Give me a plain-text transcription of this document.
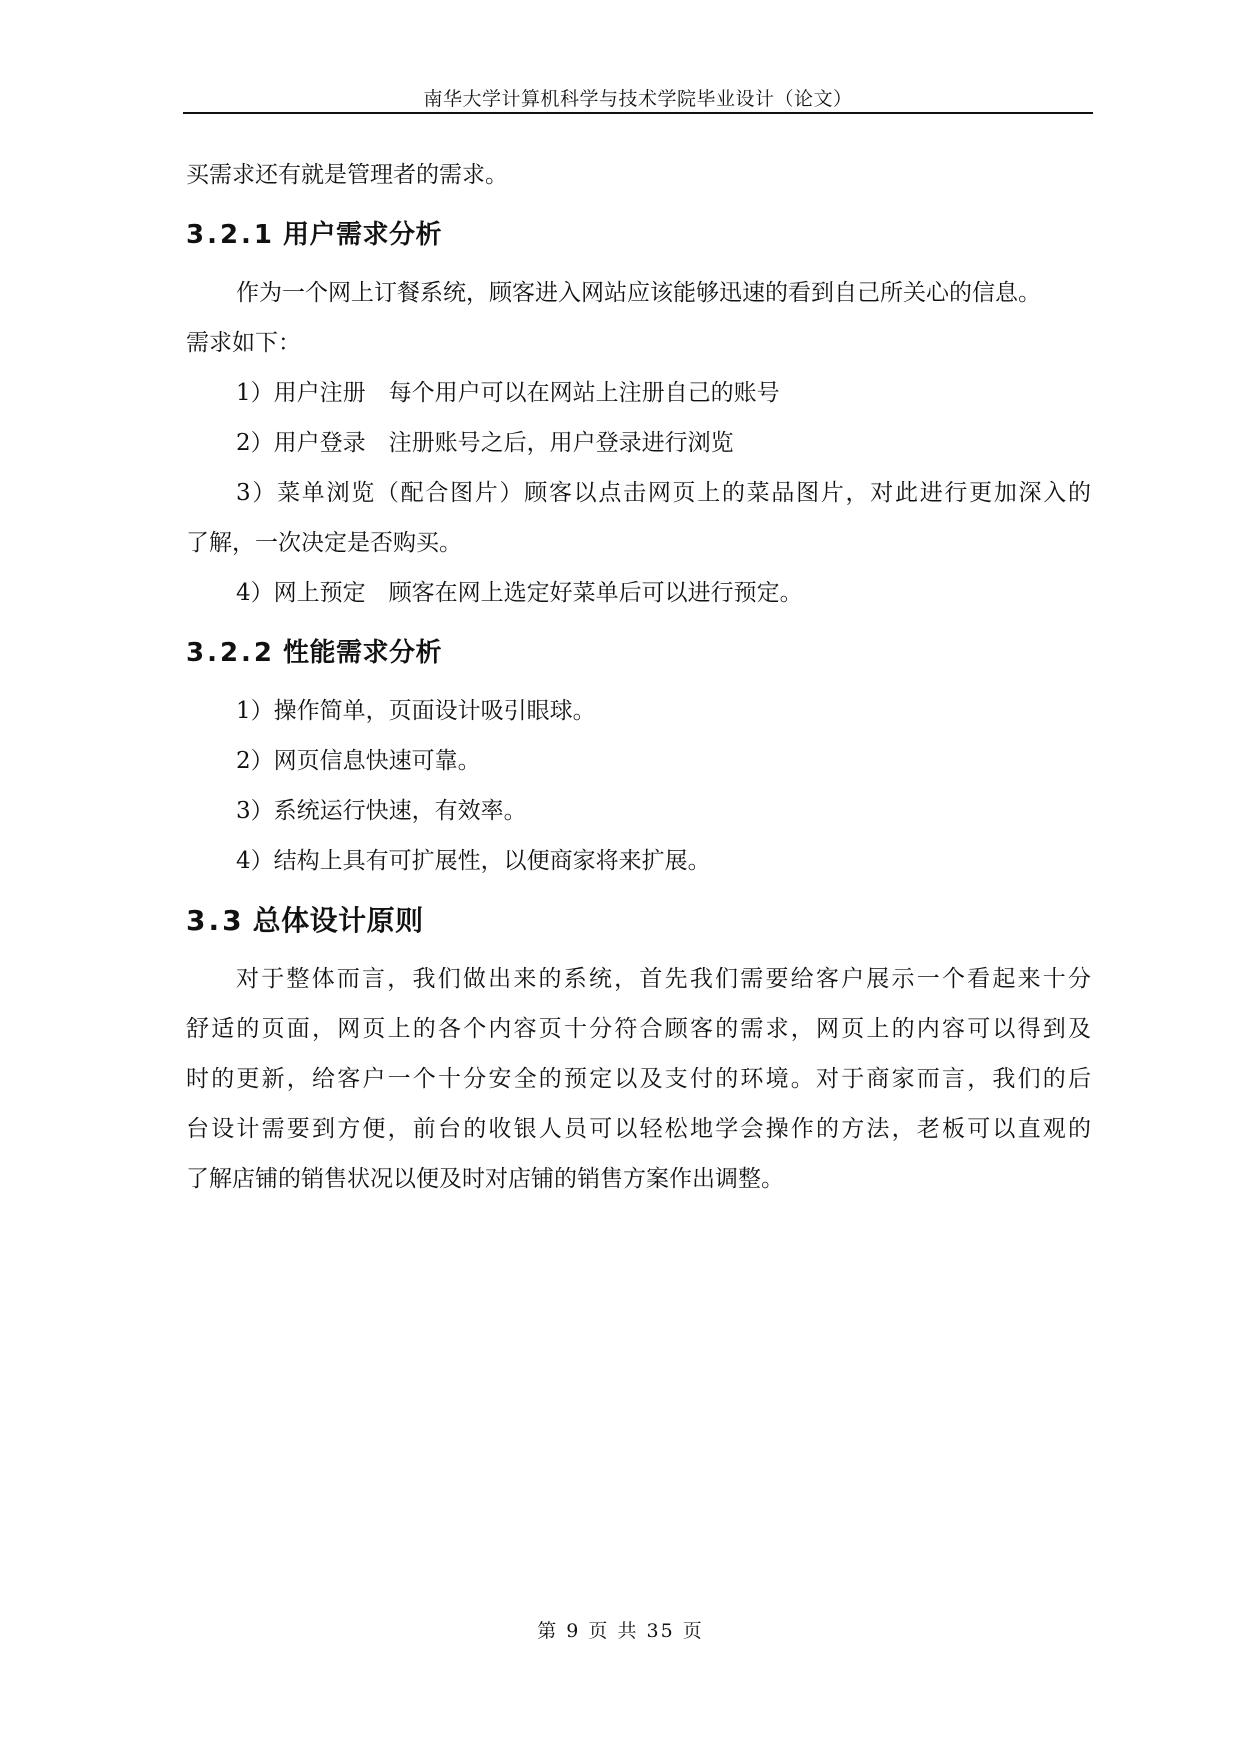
南华大学计算机科学与技术学院毕业设计（论文）
买需求还有就是管理者的需求。
3.2.1 用户需求分析
作为一个网上订餐系统，顾客进入网站应该能够迅速的看到自己所关心的信息。
需求如下：
1）用户注册　每个用户可以在网站上注册自己的账号
2）用户登录　注册账号之后，用户登录进行浏览
3）菜单浏览（配合图片）顾客以点击网页上的菜品图片，对此进行更加深入的
了解，一次决定是否购买。
4）网上预定　顾客在网上选定好菜单后可以进行预定。
3.2.2 性能需求分析
1）操作简单，页面设计吸引眼球。
2）网页信息快速可靠。
3）系统运行快速，有效率。
4）结构上具有可扩展性，以便商家将来扩展。
3.3 总体设计原则
对于整体而言，我们做出来的系统，首先我们需要给客户展示一个看起来十分
舒适的页面，网页上的各个内容页十分符合顾客的需求，网页上的内容可以得到及
时的更新，给客户一个十分安全的预定以及支付的环境。对于商家而言，我们的后
台设计需要到方便，前台的收银人员可以轻松地学会操作的方法，老板可以直观的
了解店铺的销售状况以便及时对店铺的销售方案作出调整。
第 9 页 共 35 页
